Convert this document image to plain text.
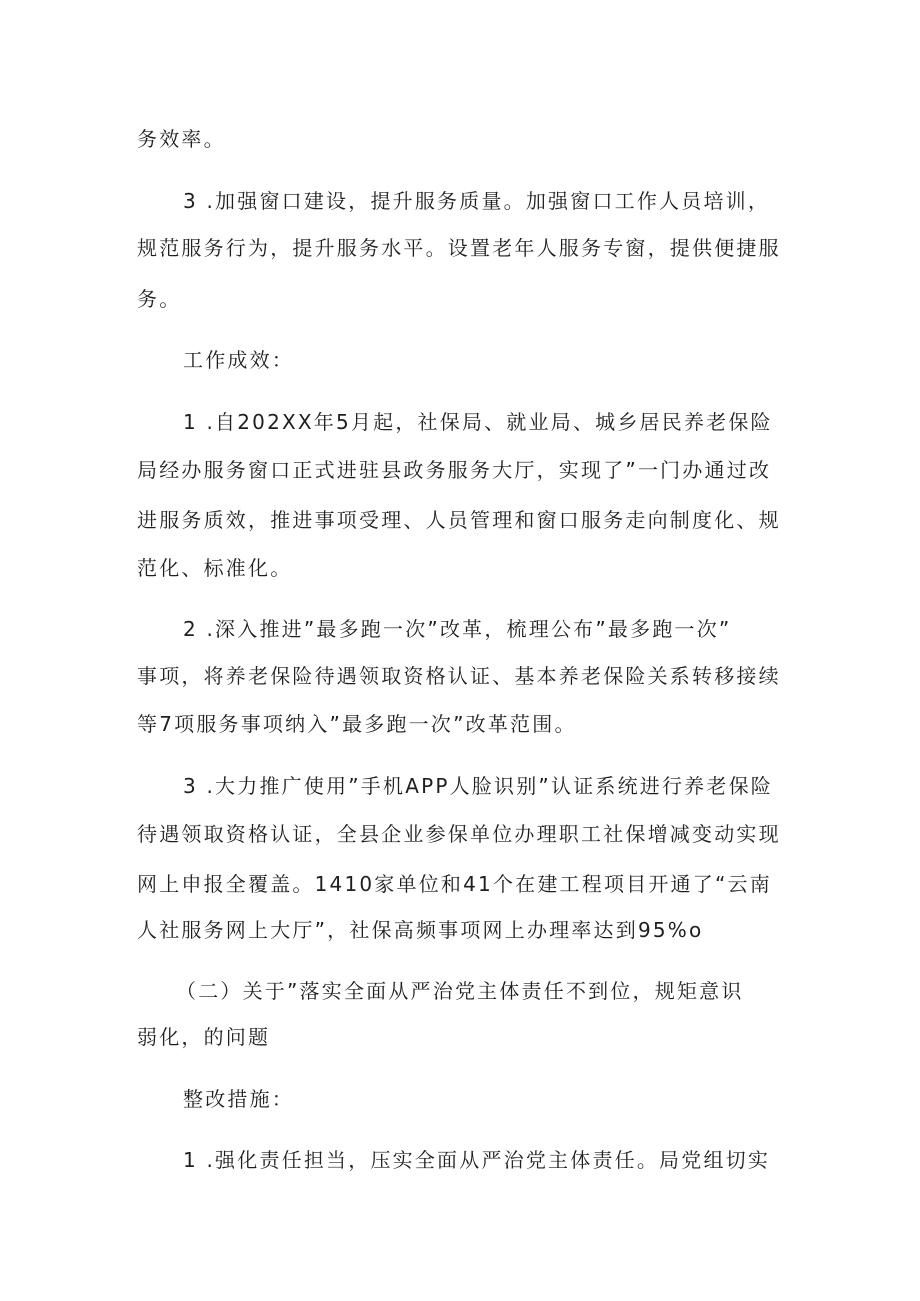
务效率。
3 .加强窗口建设，提升服务质量。加强窗口工作人员培训，
规范服务行为，提升服务水平。设置老年人服务专窗，提供便捷服
务。
工作成效：
1 .自202XX年5月起，社保局、就业局、城乡居民养老保险
局经办服务窗口正式进驻县政务服务大厅，实现了”一门办通过改
进服务质效，推进事项受理、人员管理和窗口服务走向制度化、规
范化、标准化。
2 .深入推进”最多跑一次”改革，梳理公布”最多跑一次”
事项，将养老保险待遇领取资格认证、基本养老保险关系转移接续
等7项服务事项纳入”最多跑一次”改革范围。
3 .大力推广使用”手机APP人脸识别”认证系统进行养老保险
待遇领取资格认证，全县企业参保单位办理职工社保增减变动实现
网上申报全覆盖。1410家单位和41个在建工程项目开通了“云南
人社服务网上大厅”，社保高频事项网上办理率达到95%o
（二）关于”落实全面从严治党主体责任不到位，规矩意识
弱化，的问题
整改措施：
1 .强化责任担当，压实全面从严治党主体责任。局党组切实
